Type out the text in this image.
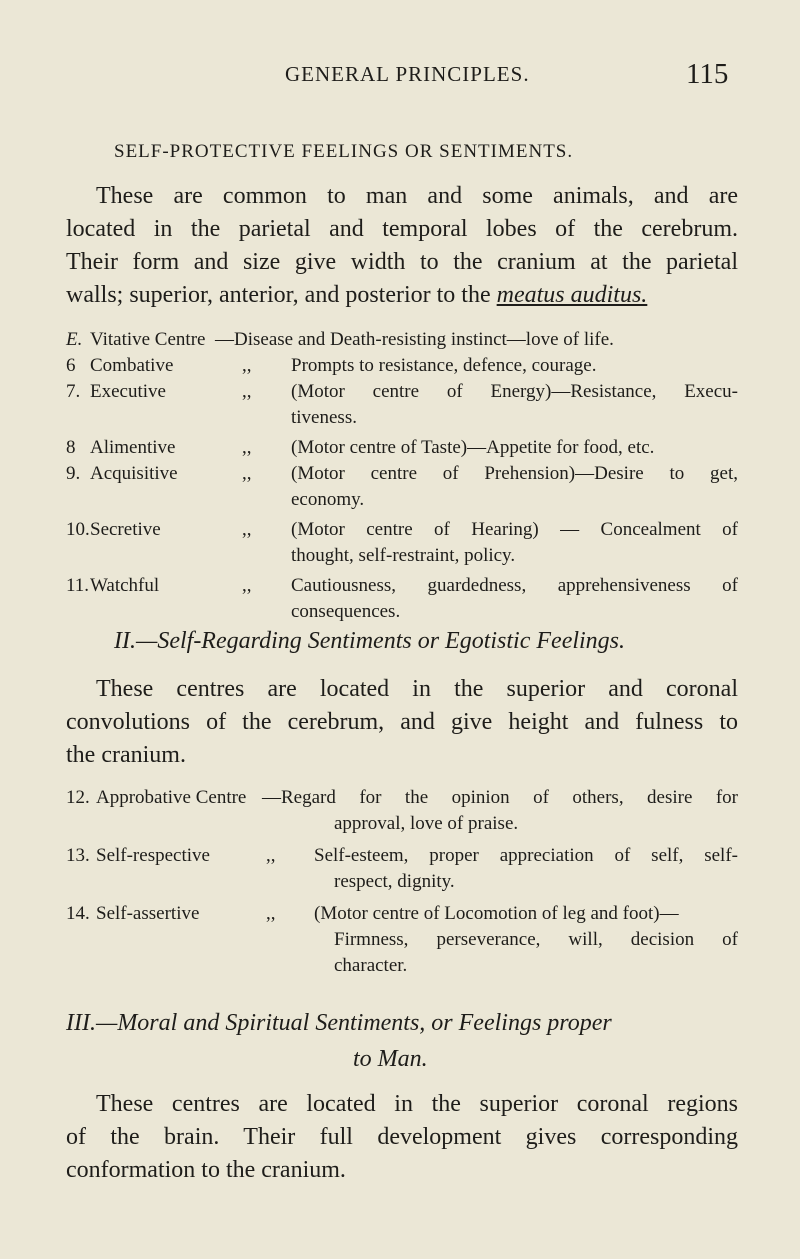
GENERAL PRINCIPLES.	115
SELF-PROTECTIVE FEELINGS OR SENTIMENTS.
These are common to man and some animals, and are
located in the parietal and temporal lobes of the cerebrum.
Their form and size give width to the cranium at the parietal
walls; superior, anterior, and posterior to the meatus auditus.
E. Vitative Centre —Disease and Death-resisting instinct—love of life.
6 Combative	,, Prompts to resistance, defence, courage.
7. Executive	,, (Motor centre of Energy)—Resistance, Execu-
tiveness.
8 Alimentive	,, (Motor centre of Taste)—Appetite for food, etc.
9. Acquisitive	,, (Motor centre of Prehension)—Desire to get,
economy.
10. Secretive	,, (Motor centre of Hearing) — Concealment of
thought, self-restraint, policy.
11. Watchful	,, Cautiousness, guardedness, apprehensiveness of
consequences.
II.—Self-Regarding Sentiments or Egotistic Feelings.
These centres are located in the superior and coronal
convolutions of the cerebrum, and give height and fulness to
the cranium.
12. Approbative Centre —Regard for the opinion of others, desire for
approval, love of praise.
13. Self-respective	,, Self-esteem, proper appreciation of self, self-
respect, dignity.
14. Self-assertive	,, (Motor centre of Locomotion of leg and foot)—
Firmness, perseverance, will, decision of
character.
III.—Moral and Spiritual Sentiments, or Feelings proper
to Man.
These centres are located in the superior coronal regions
of the brain. Their full development gives corresponding
conformation to the cranium.
